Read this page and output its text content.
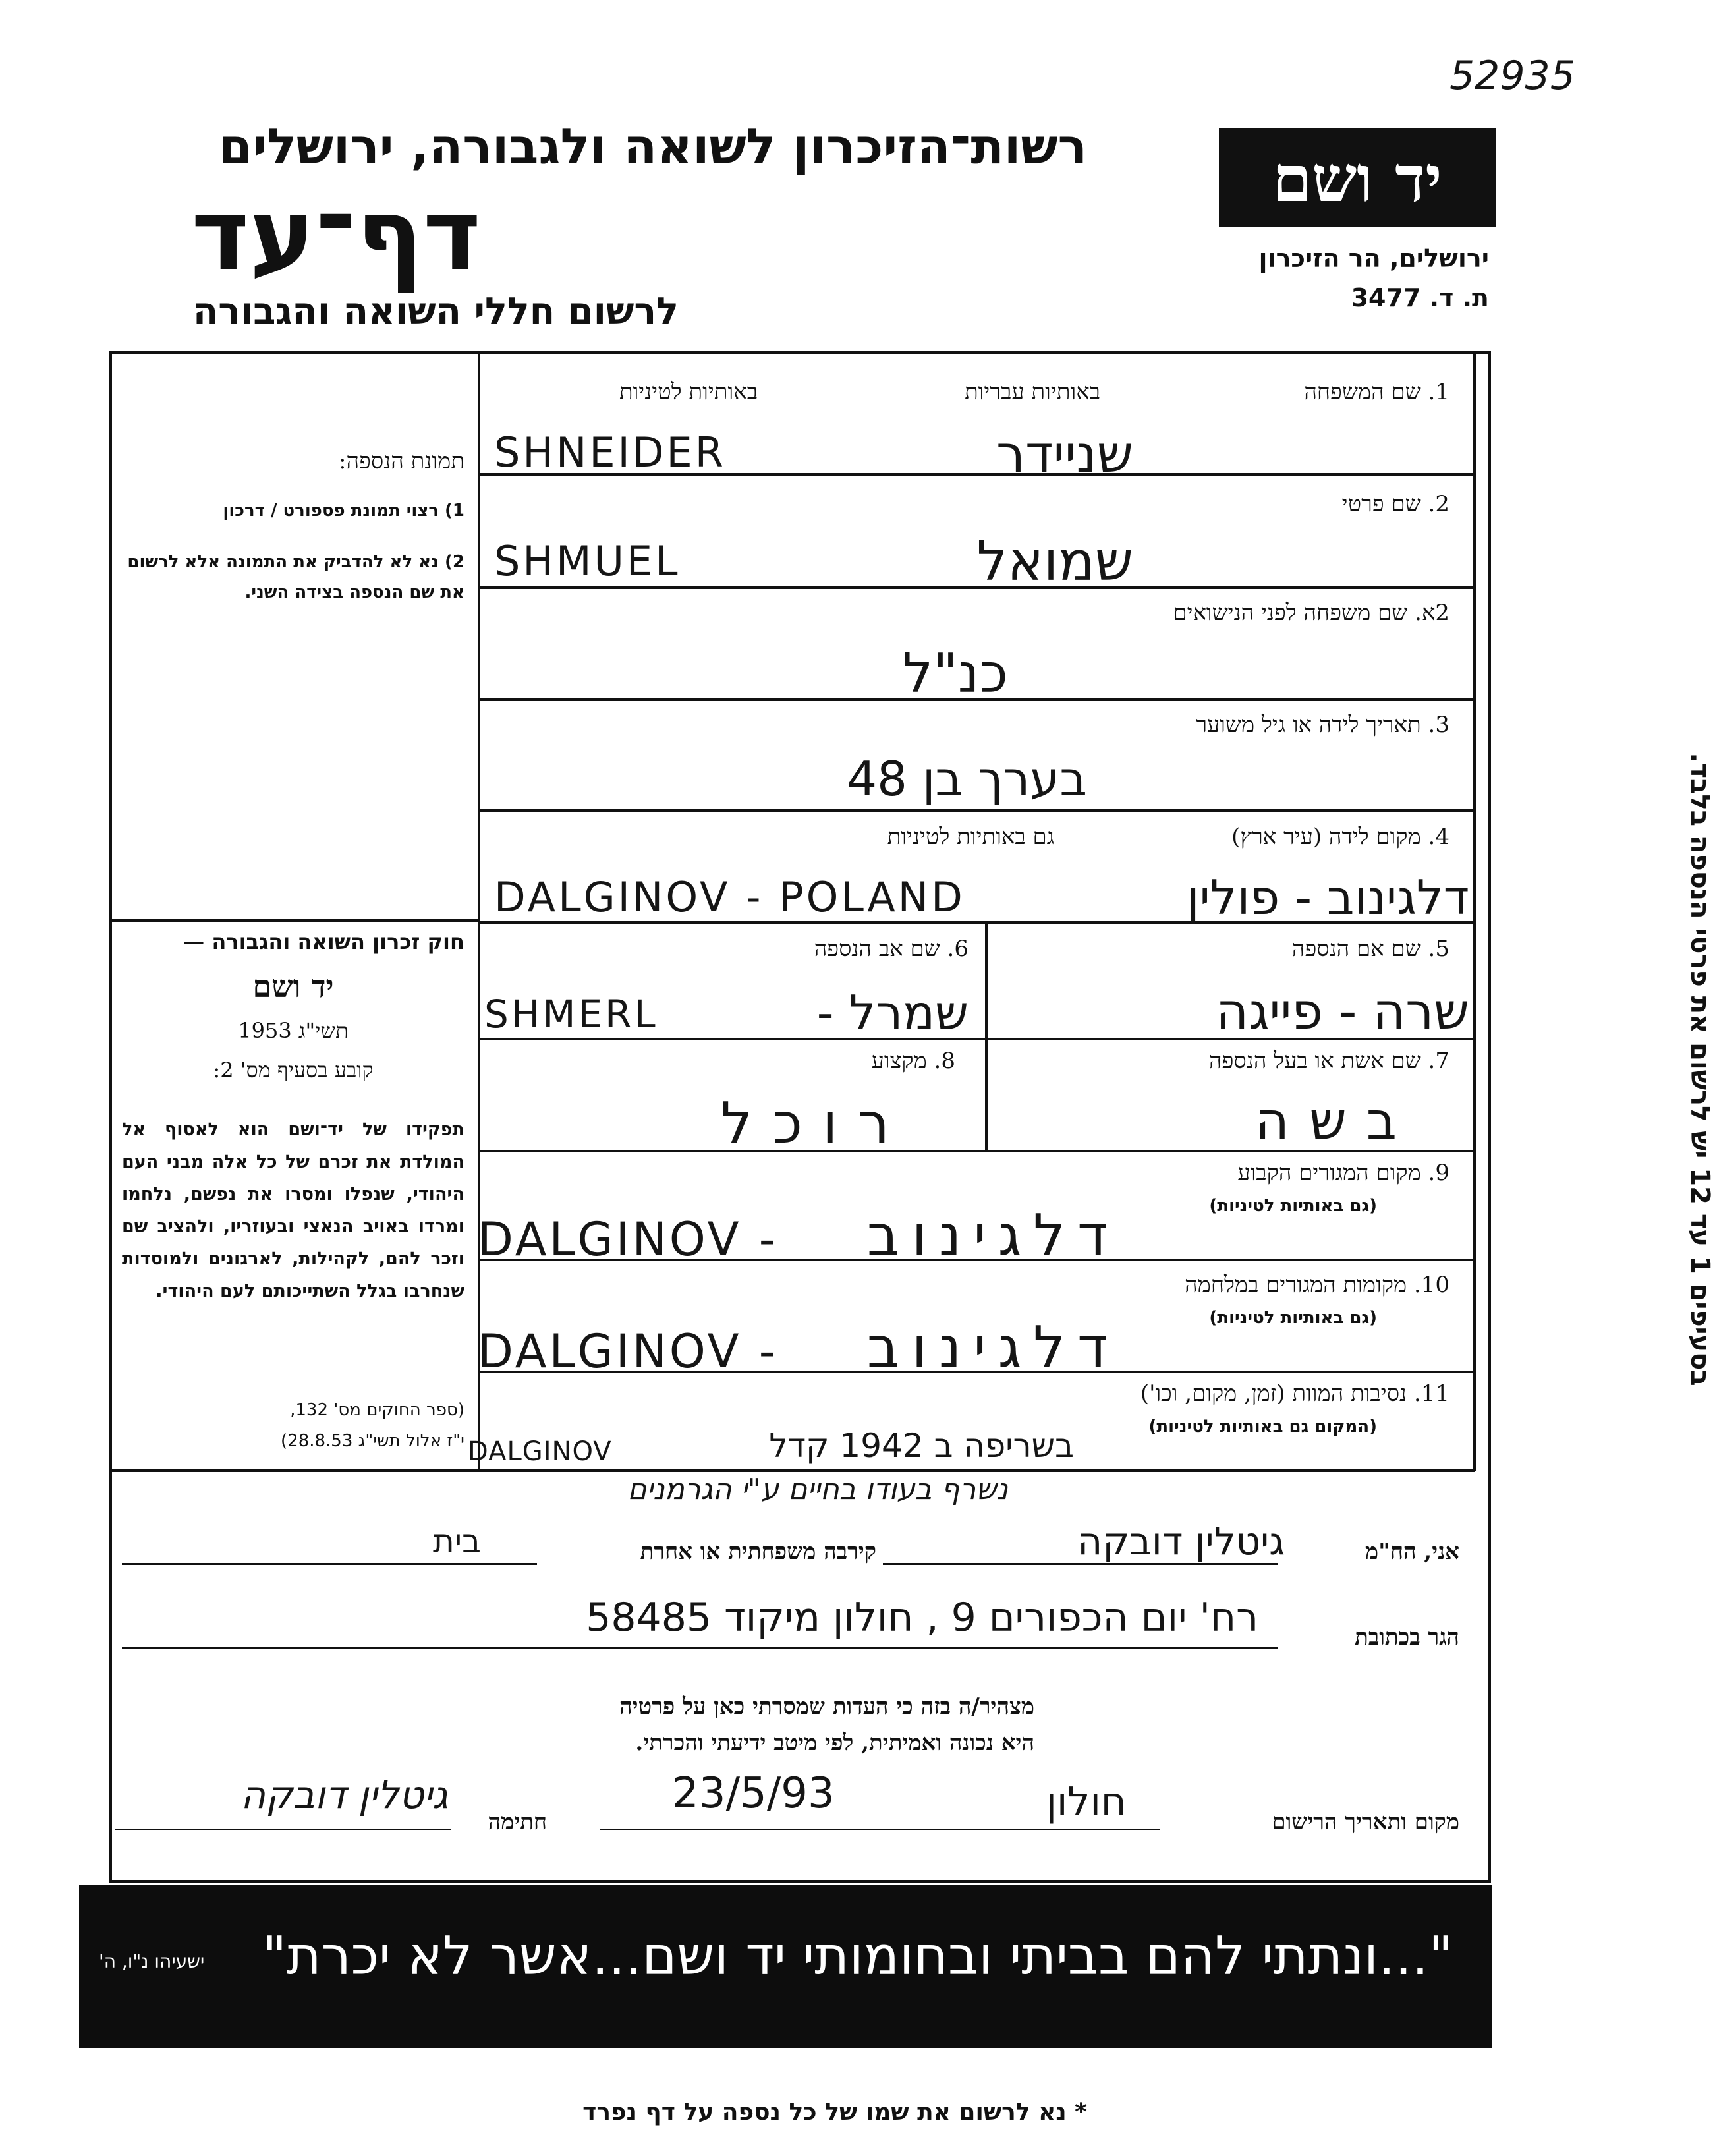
52935
רשות־הזיכרון לשואה ולגבורה, ירושלים
דף־עד
לרשום חללי השואה והגבורה
יד ושם
ירושלים, הר הזיכרון
ת. ד. 3477
תמונת הנספה:
1) רצוי תמונת פספורט / דרכון
2) נא לא להדביק את התמונה אלא לרשום את שם הנספה בצידה השני.
חוק זכרון השואה והגבורה —
יד ושם
תשי"ג 1953
קובע בסעיף מס' 2:
תפקידו של יד־ושם הוא לאסוף אל המולדת את זכרם של כל אלה מבני העם היהודי, שנפלו ומסרו את נפשם, נלחמו ומרדו באויב הנאצי ובעוזריו, ולהציב שם וזכר להם, לקהילות, לארגונים ולמוסדות שנחרבו בגלל השתייכותם לעם היהודי.
(ספר החוקים מס' 132,
י"ז אלול תשי"ג 28.8.53)
בסעיפים 1 עד 12 יש לרשום את פרטי הנספה בלבד.
1. שם המשפחה
באותיות עבריות
באותיות לטיניות
SHNEIDER	שניידר
2. שם פרטי
SHMUEL	שמואל
2א. שם משפחה לפני הנישואים
כנ"ל
3. תאריך לידה או גיל משוער
בערך בן 48
4. מקום לידה (עיר ארץ)
גם באותיות לטיניות
DALGINOV - POLAND	דלגינוב - פולין
5. שם אם הנספה
שרה - פייגה
6. שם אב הנספה
SHMERL	שמרל -
7. שם אשת או בעל הנספה
בשה
8. מקצוע
רוכל
9. מקום המגורים הקבוע
(גם באותיות לטיניות)
DALGINOV - דלגינוב
10. מקומות המגורים במלחמה
(גם באותיות לטיניות)
DALGINOV - דלגינוב
11. נסיבות המוות (זמן, מקום, וכו')
(המקום גם באותיות לטיניות)
DALGINOV	בשריפה ב 1942 קדל
נשרף בעודו בחיים ע"י הגרמנים
אני, הח"מ
גיטלין דובקה
קירבה משפחתית או אחרת
בית
הגר בכתובת
רח' יום הכפורים 9 , חולון מיקוד 58485
מצהיר/ה בזה כי העדות שמסרתי כאן על פרטיה
היא נכונה ואמיתית, לפי מיטב ידיעתי והכרתי.
מקום ותאריך הרישום
חולון
23/5/93
חתימה
גיטלין דובקה
"...ונתתי להם בביתי ובחומותי יד ושם...אשר לא יכרת"
ישעיהו נ"ו, ה'
* נא לרשום את שמו של כל נספה על דף נפרד
